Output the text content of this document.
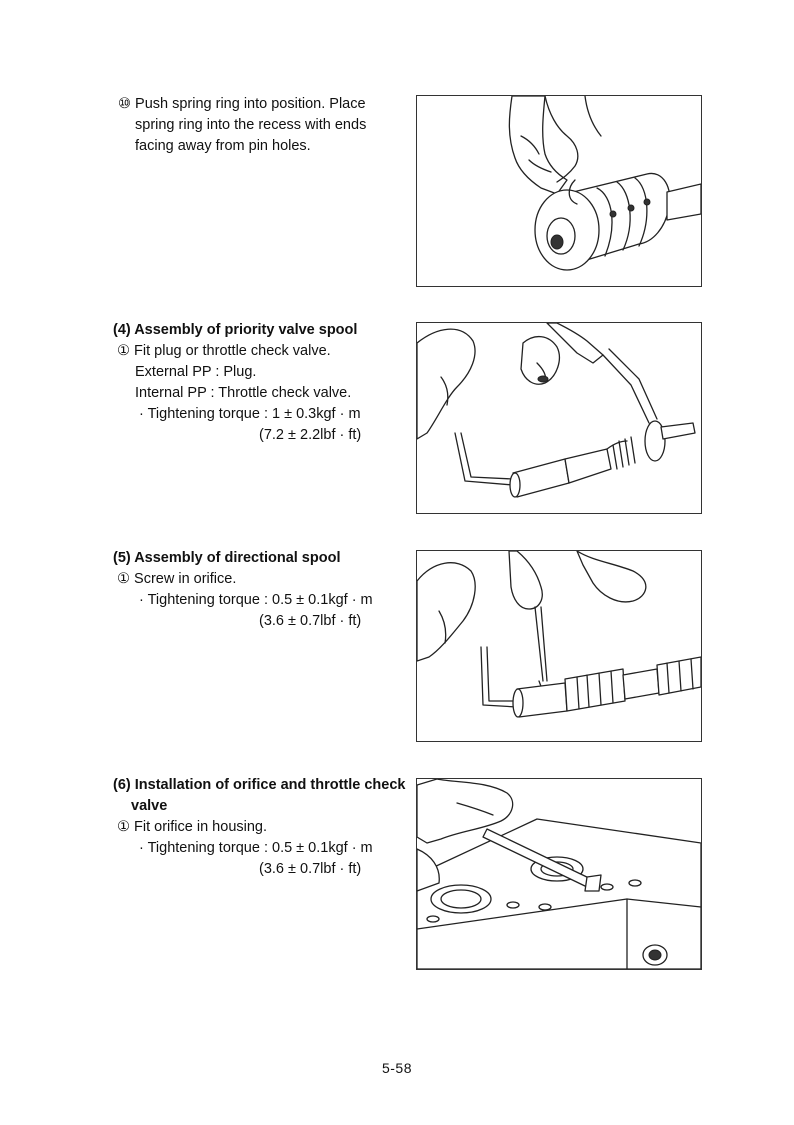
⑩ Push spring ring into position. Place
spring ring into the recess with ends
facing away from pin holes.
(4) Assembly of priority valve spool
① Fit plug or throttle check valve.
External PP : Plug.
Internal PP : Throttle check valve.
· Tightening torque : 1 ± 0.3kgf · m
(7.2 ± 2.2lbf · ft)
(5) Assembly of directional spool
① Screw in orifice.
· Tightening torque : 0.5 ± 0.1kgf · m
(3.6 ± 0.7lbf · ft)
(6) Installation of orifice and throttle check
valve
① Fit orifice in housing.
· Tightening torque : 0.5 ± 0.1kgf · m
(3.6 ± 0.7lbf · ft)
5-58
